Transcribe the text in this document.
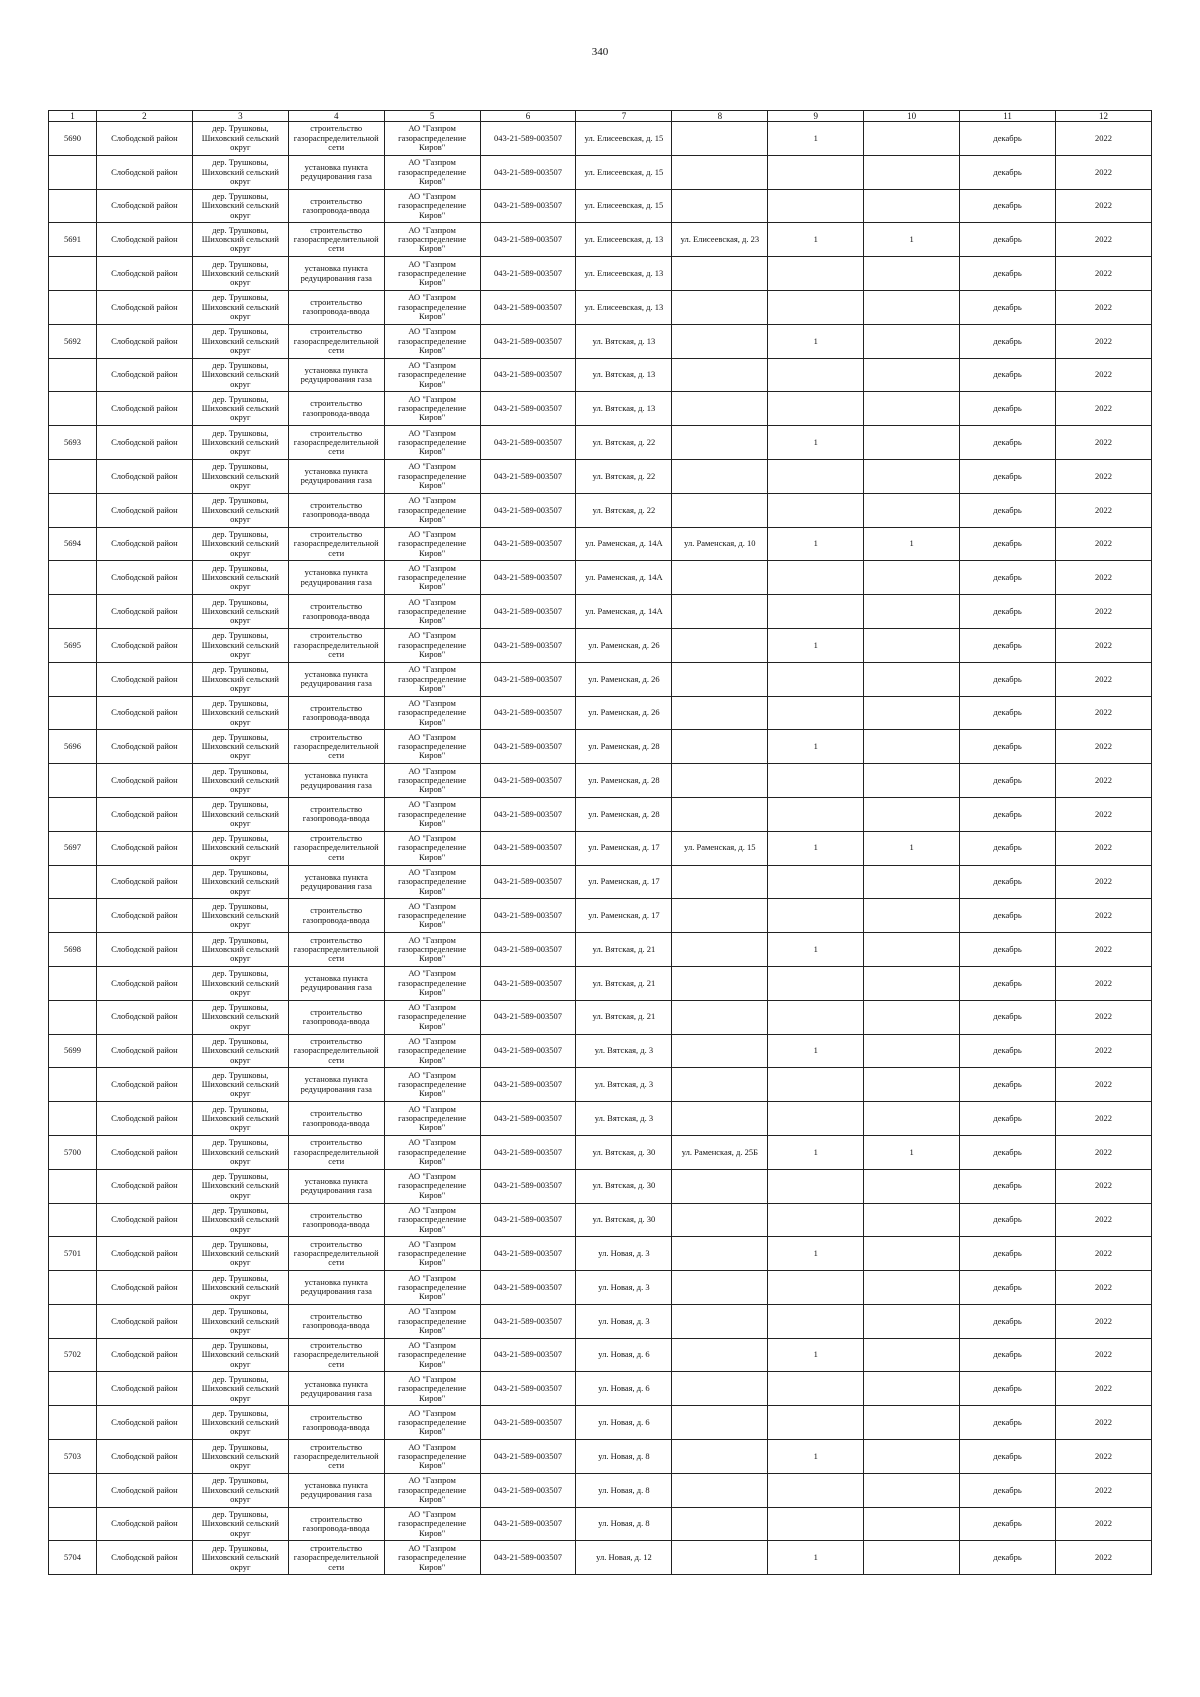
340
1	2	3	4	5	6	7	8	9	10	11	12

5690	Слободской район	дер. Трушковы, Шиховский сельский округ	строительство газораспределительной сети	АО "Газпром газораспределение Киров"	043-21-589-003507	ул. Елисеевская, д. 15		1		декабрь	2022

	Слободской район	дер. Трушковы, Шиховский сельский округ	установка пункта редуцирования газа	АО "Газпром газораспределение Киров"	043-21-589-003507	ул. Елисеевская, д. 15				декабрь	2022

	Слободской район	дер. Трушковы, Шиховский сельский округ	строительство газопровода-ввода	АО "Газпром газораспределение Киров"	043-21-589-003507	ул. Елисеевская, д. 15				декабрь	2022

5691	Слободской район	дер. Трушковы, Шиховский сельский округ	строительство газораспределительной сети	АО "Газпром газораспределение Киров"	043-21-589-003507	ул. Елисеевская, д. 13	ул. Елисеевская, д. 23	1	1	декабрь	2022

	Слободской район	дер. Трушковы, Шиховский сельский округ	установка пункта редуцирования газа	АО "Газпром газораспределение Киров"	043-21-589-003507	ул. Елисеевская, д. 13				декабрь	2022

	Слободской район	дер. Трушковы, Шиховский сельский округ	строительство газопровода-ввода	АО "Газпром газораспределение Киров"	043-21-589-003507	ул. Елисеевская, д. 13				декабрь	2022

5692	Слободской район	дер. Трушковы, Шиховский сельский округ	строительство газораспределительной сети	АО "Газпром газораспределение Киров"	043-21-589-003507	ул. Вятская, д. 13		1		декабрь	2022

	Слободской район	дер. Трушковы, Шиховский сельский округ	установка пункта редуцирования газа	АО "Газпром газораспределение Киров"	043-21-589-003507	ул. Вятская, д. 13				декабрь	2022

	Слободской район	дер. Трушковы, Шиховский сельский округ	строительство газопровода-ввода	АО "Газпром газораспределение Киров"	043-21-589-003507	ул. Вятская, д. 13				декабрь	2022

5693	Слободской район	дер. Трушковы, Шиховский сельский округ	строительство газораспределительной сети	АО "Газпром газораспределение Киров"	043-21-589-003507	ул. Вятская, д. 22		1		декабрь	2022

	Слободской район	дер. Трушковы, Шиховский сельский округ	установка пункта редуцирования газа	АО "Газпром газораспределение Киров"	043-21-589-003507	ул. Вятская, д. 22				декабрь	2022

	Слободской район	дер. Трушковы, Шиховский сельский округ	строительство газопровода-ввода	АО "Газпром газораспределение Киров"	043-21-589-003507	ул. Вятская, д. 22				декабрь	2022

5694	Слободской район	дер. Трушковы, Шиховский сельский округ	строительство газораспределительной сети	АО "Газпром газораспределение Киров"	043-21-589-003507	ул. Раменская, д. 14А	ул. Раменская, д. 10	1	1	декабрь	2022

	Слободской район	дер. Трушковы, Шиховский сельский округ	установка пункта редуцирования газа	АО "Газпром газораспределение Киров"	043-21-589-003507	ул. Раменская, д. 14А				декабрь	2022

	Слободской район	дер. Трушковы, Шиховский сельский округ	строительство газопровода-ввода	АО "Газпром газораспределение Киров"	043-21-589-003507	ул. Раменская, д. 14А				декабрь	2022

5695	Слободской район	дер. Трушковы, Шиховский сельский округ	строительство газораспределительной сети	АО "Газпром газораспределение Киров"	043-21-589-003507	ул. Раменская, д. 26		1		декабрь	2022

	Слободской район	дер. Трушковы, Шиховский сельский округ	установка пункта редуцирования газа	АО "Газпром газораспределение Киров"	043-21-589-003507	ул. Раменская, д. 26				декабрь	2022

	Слободской район	дер. Трушковы, Шиховский сельский округ	строительство газопровода-ввода	АО "Газпром газораспределение Киров"	043-21-589-003507	ул. Раменская, д. 26				декабрь	2022

5696	Слободской район	дер. Трушковы, Шиховский сельский округ	строительство газораспределительной сети	АО "Газпром газораспределение Киров"	043-21-589-003507	ул. Раменская, д. 28		1		декабрь	2022

	Слободской район	дер. Трушковы, Шиховский сельский округ	установка пункта редуцирования газа	АО "Газпром газораспределение Киров"	043-21-589-003507	ул. Раменская, д. 28				декабрь	2022

	Слободской район	дер. Трушковы, Шиховский сельский округ	строительство газопровода-ввода	АО "Газпром газораспределение Киров"	043-21-589-003507	ул. Раменская, д. 28				декабрь	2022

5697	Слободской район	дер. Трушковы, Шиховский сельский округ	строительство газораспределительной сети	АО "Газпром газораспределение Киров"	043-21-589-003507	ул. Раменская, д. 17	ул. Раменская, д. 15	1	1	декабрь	2022

	Слободской район	дер. Трушковы, Шиховский сельский округ	установка пункта редуцирования газа	АО "Газпром газораспределение Киров"	043-21-589-003507	ул. Раменская, д. 17				декабрь	2022

	Слободской район	дер. Трушковы, Шиховский сельский округ	строительство газопровода-ввода	АО "Газпром газораспределение Киров"	043-21-589-003507	ул. Раменская, д. 17				декабрь	2022

5698	Слободской район	дер. Трушковы, Шиховский сельский округ	строительство газораспределительной сети	АО "Газпром газораспределение Киров"	043-21-589-003507	ул. Вятская, д. 21		1		декабрь	2022

	Слободской район	дер. Трушковы, Шиховский сельский округ	установка пункта редуцирования газа	АО "Газпром газораспределение Киров"	043-21-589-003507	ул. Вятская, д. 21				декабрь	2022

	Слободской район	дер. Трушковы, Шиховский сельский округ	строительство газопровода-ввода	АО "Газпром газораспределение Киров"	043-21-589-003507	ул. Вятская, д. 21				декабрь	2022

5699	Слободской район	дер. Трушковы, Шиховский сельский округ	строительство газораспределительной сети	АО "Газпром газораспределение Киров"	043-21-589-003507	ул. Вятская, д. 3		1		декабрь	2022

	Слободской район	дер. Трушковы, Шиховский сельский округ	установка пункта редуцирования газа	АО "Газпром газораспределение Киров"	043-21-589-003507	ул. Вятская, д. 3				декабрь	2022

	Слободской район	дер. Трушковы, Шиховский сельский округ	строительство газопровода-ввода	АО "Газпром газораспределение Киров"	043-21-589-003507	ул. Вятская, д. 3				декабрь	2022

5700	Слободской район	дер. Трушковы, Шиховский сельский округ	строительство газораспределительной сети	АО "Газпром газораспределение Киров"	043-21-589-003507	ул. Вятская, д. 30	ул. Раменская, д. 25Б	1	1	декабрь	2022

	Слободской район	дер. Трушковы, Шиховский сельский округ	установка пункта редуцирования газа	АО "Газпром газораспределение Киров"	043-21-589-003507	ул. Вятская, д. 30				декабрь	2022

	Слободской район	дер. Трушковы, Шиховский сельский округ	строительство газопровода-ввода	АО "Газпром газораспределение Киров"	043-21-589-003507	ул. Вятская, д. 30				декабрь	2022

5701	Слободской район	дер. Трушковы, Шиховский сельский округ	строительство газораспределительной сети	АО "Газпром газораспределение Киров"	043-21-589-003507	ул. Новая, д. 3		1		декабрь	2022

	Слободской район	дер. Трушковы, Шиховский сельский округ	установка пункта редуцирования газа	АО "Газпром газораспределение Киров"	043-21-589-003507	ул. Новая, д. 3				декабрь	2022

	Слободской район	дер. Трушковы, Шиховский сельский округ	строительство газопровода-ввода	АО "Газпром газораспределение Киров"	043-21-589-003507	ул. Новая, д. 3				декабрь	2022

5702	Слободской район	дер. Трушковы, Шиховский сельский округ	строительство газораспределительной сети	АО "Газпром газораспределение Киров"	043-21-589-003507	ул. Новая, д. 6		1		декабрь	2022

	Слободской район	дер. Трушковы, Шиховский сельский округ	установка пункта редуцирования газа	АО "Газпром газораспределение Киров"	043-21-589-003507	ул. Новая, д. 6				декабрь	2022

	Слободской район	дер. Трушковы, Шиховский сельский округ	строительство газопровода-ввода	АО "Газпром газораспределение Киров"	043-21-589-003507	ул. Новая, д. 6				декабрь	2022

5703	Слободской район	дер. Трушковы, Шиховский сельский округ	строительство газораспределительной сети	АО "Газпром газораспределение Киров"	043-21-589-003507	ул. Новая, д. 8		1		декабрь	2022

	Слободской район	дер. Трушковы, Шиховский сельский округ	установка пункта редуцирования газа	АО "Газпром газораспределение Киров"	043-21-589-003507	ул. Новая, д. 8				декабрь	2022

	Слободской район	дер. Трушковы, Шиховский сельский округ	строительство газопровода-ввода	АО "Газпром газораспределение Киров"	043-21-589-003507	ул. Новая, д. 8				декабрь	2022

5704	Слободской район	дер. Трушковы, Шиховский сельский округ	строительство газораспределительной сети	АО "Газпром газораспределение Киров"	043-21-589-003507	ул. Новая, д. 12		1		декабрь	2022
